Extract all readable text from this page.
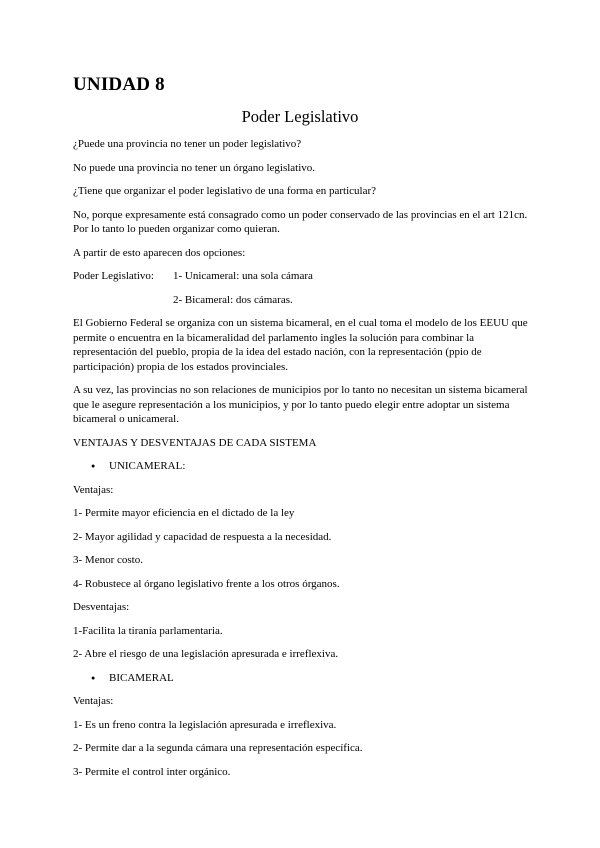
UNIDAD 8
Poder Legislativo

¿Puede una provincia no tener un poder legislativo?

No puede una provincia no tener un órgano legislativo.

¿Tiene que organizar el poder legislativo de una forma en particular?

No, porque expresamente está consagrado como un poder conservado de las provincias en el art 121cn. Por lo tanto lo pueden organizar como quieran.

A partir de esto aparecen dos opciones:

Poder Legislativo:	1- Unicameral: una sola cámara
2- Bicameral: dos cámaras.

El Gobierno Federal se organiza con un sistema bicameral, en el cual toma el modelo de los EEUU que permite o encuentra en la bicameralidad del parlamento ingles la solución para combinar la representación del pueblo, propia de la idea del estado nación, con la representación (ppio de participación) propia de los estados provinciales.

A su vez, las provincias no son relaciones de municipios por lo tanto no necesitan un sistema bicameral que le asegure representación a los municipios, y por lo tanto puedo elegir entre adoptar un sistema bicameral o unicameral.

VENTAJAS Y DESVENTAJAS DE CADA SISTEMA

● UNICAMERAL:

Ventajas:

1- Permite mayor eficiencia en el dictado de la ley

2- Mayor agilidad y capacidad de respuesta a la necesidad.

3- Menor costo.

4- Robustece al órgano legislativo frente a los otros órganos.

Desventajas:

1-Facilita la tiranía parlamentaria.

2- Abre el riesgo de una legislación apresurada e irreflexiva.

● BICAMERAL

Ventajas:

1- Es un freno contra la legislación apresurada e irreflexiva.

2- Permite dar a la segunda cámara una representación específica.

3- Permite el control inter orgánico.
